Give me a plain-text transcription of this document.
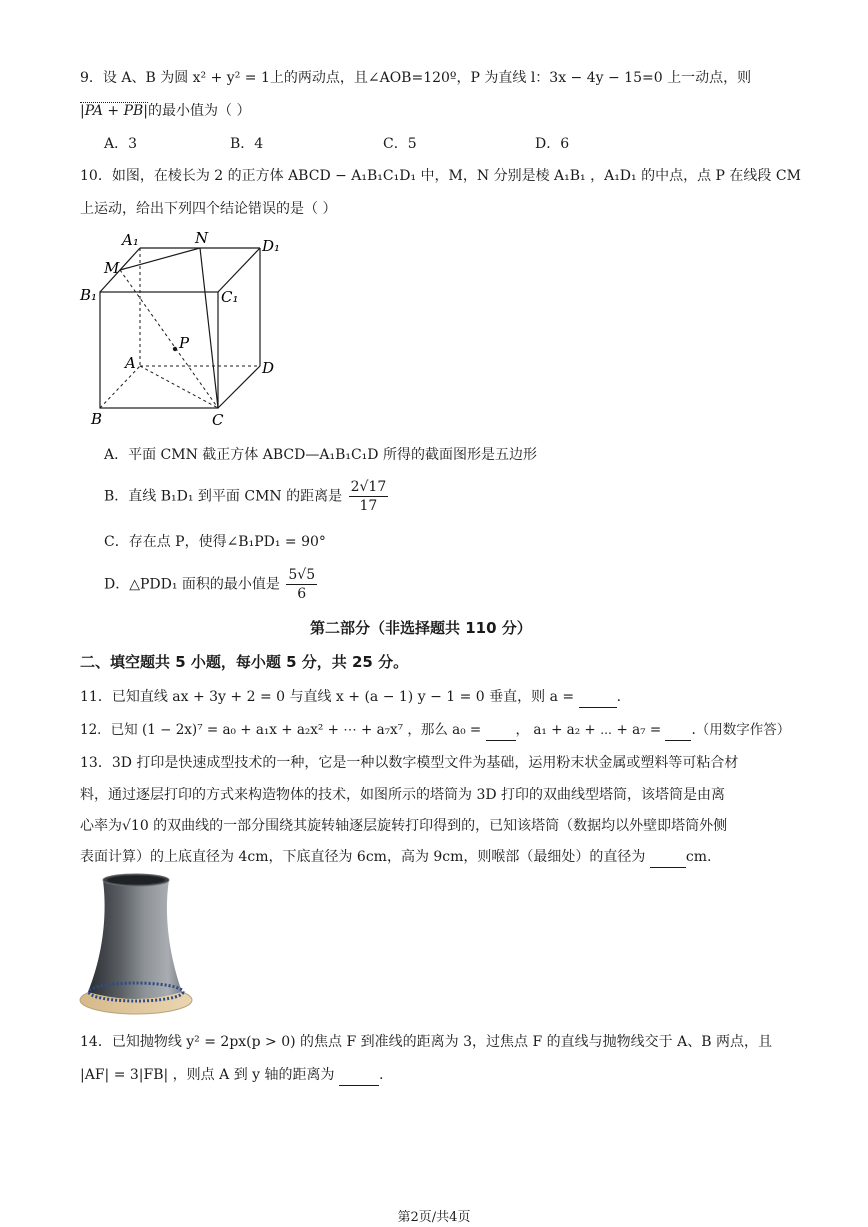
9．设 A、B 为圆 x² + y² = 1上的两动点，且∠AOB=120º，P 为直线 l：3x − 4y − 15=0 上一动点，则
|PA + PB|的最小值为（ ）
A．3	B．4	C．5	D．6
10．如图，在棱长为 2 的正方体 ABCD − A₁B₁C₁D₁ 中，M，N 分别是棱 A₁B₁ ，A₁D₁ 的中点，点 P 在线段 CM
上运动，给出下列四个结论错误的是（ ）
A₁	N	D₁
M
B₁	C₁
P
A	D
B	C
A．平面 CMN 截正方体 ABCD—A₁B₁C₁D 所得的截面图形是五边形
B．直线 B₁D₁ 到平面 CMN 的距离是 $\frac{2√17}{17}$
C．存在点 P，使得∠B₁PD₁ = 90°
D．△PDD₁ 面积的最小值是 $\frac{5√5}{6}$
第二部分（非选择题共 110 分）
二、填空题共 5 小题，每小题 5 分，共 25 分。
11．已知直线 ax + 3y + 2 = 0 与直线 x + (a − 1) y − 1 = 0 垂直，则 a =	.
12．已知 (1 − 2x)⁷ = a₀ + a₁x + a₂x² + ⋯ + a₇x⁷ ，那么 a₀ =	， a₁ + a₂ + ⋯ + a₇ = .（用数字作答）
13．3D 打印是快速成型技术的一种，它是一种以数字模型文件为基础，运用粉末状金属或塑料等可粘合材
料，通过逐层打印的方式来构造物体的技术，如图所示的塔筒为 3D 打印的双曲线型塔筒，该塔筒是由离
心率为√10 的双曲线的一部分围绕其旋转轴逐层旋转打印得到的，已知该塔筒（数据均以外壁即塔筒外侧
表面计算）的上底直径为 4cm，下底直径为 6cm，高为 9cm，则喉部（最细处）的直径为	cm.
14．已知抛物线 y² = 2px(p > 0) 的焦点 F 到准线的距离为 3，过焦点 F 的直线与抛物线交于 A、B 两点，且
|AF| = 3|FB| ，则点 A 到 y 轴的距离为	.
第2页/共4页
